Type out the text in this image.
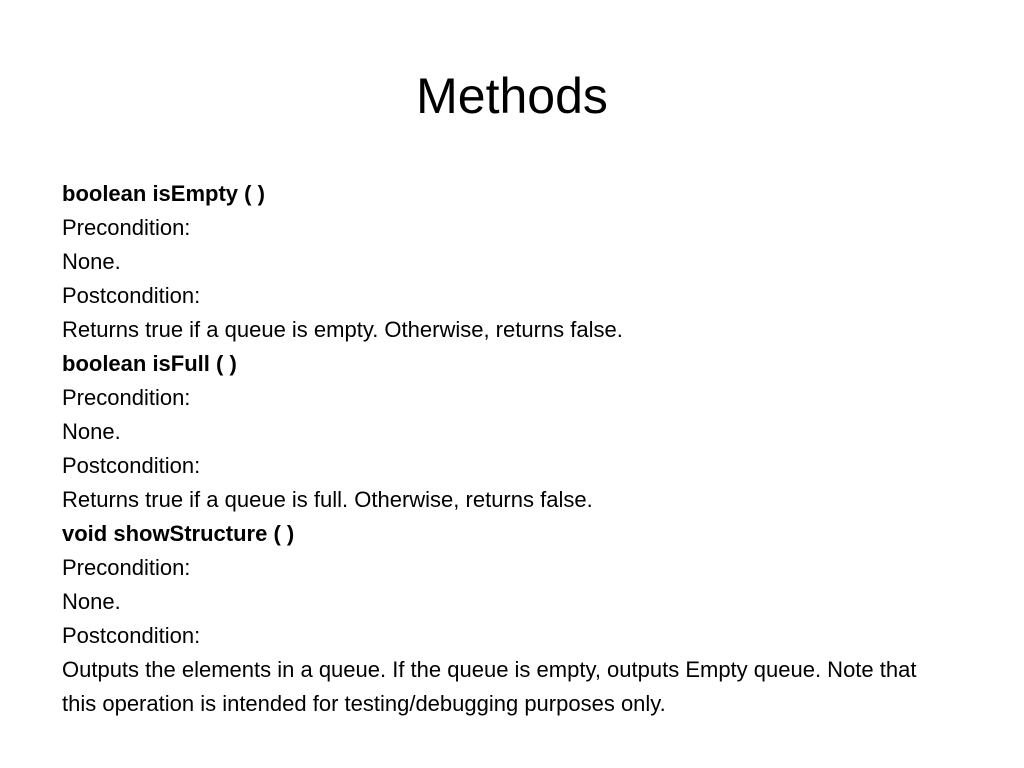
Methods
boolean isEmpty ( )
Precondition:
None.
Postcondition:
Returns true if a queue is empty. Otherwise, returns false.
boolean isFull ( )
Precondition:
None.
Postcondition:
Returns true if a queue is full. Otherwise, returns false.
void showStructure ( )
Precondition:
None.
Postcondition:
Outputs the elements in a queue. If the queue is empty, outputs Empty queue. Note that
this operation is intended for testing/debugging purposes only.
